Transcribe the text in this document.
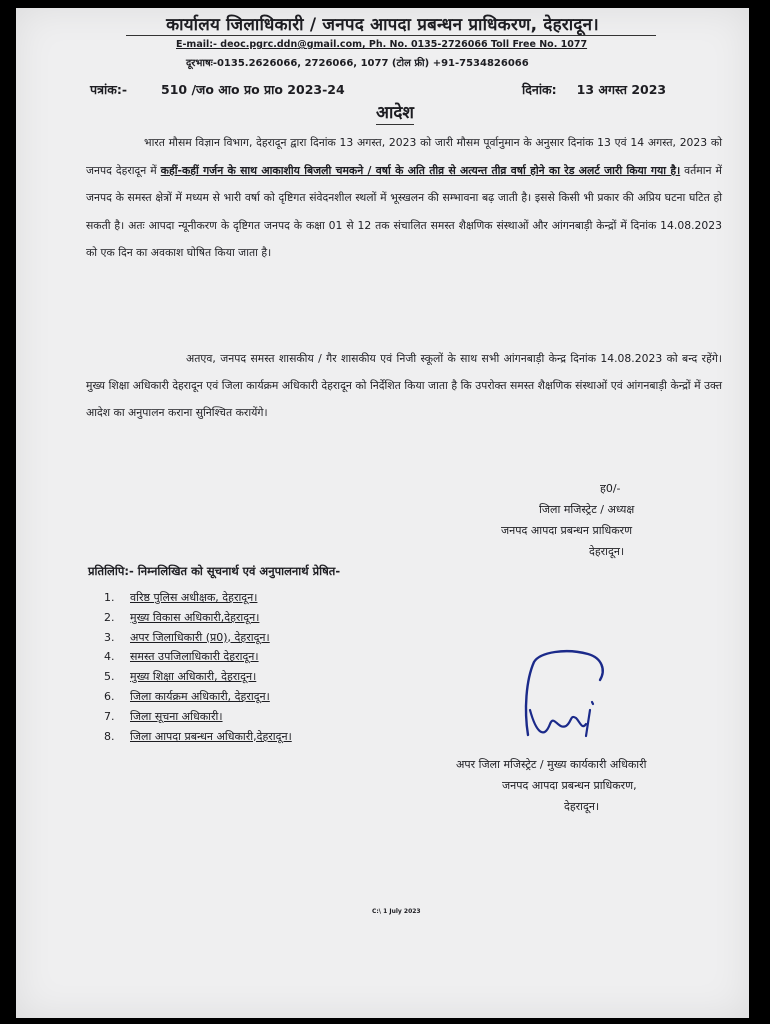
कार्यालय जिलाधिकारी / जनपद आपदा प्रबन्धन प्राधिकरण, देहरादून।
E-mail:- deoc.pgrc.ddn@gmail.com, Ph. No. 0135-2726066 Toll Free No. 1077
दूरभाषः-0135.2626066, 2726066, 1077 (टोल फ्री) +91-7534826066
पत्रांक:-	510 /जo आo प्रo प्राo 2023-24	दिनांक: 13 अगस्त 2023
आदेश
भारत मौसम विज्ञान विभाग, देहरादून द्वारा दिनांक 13 अगस्त, 2023 को जारी मौसम पूर्वानुमान के अनुसार दिनांक 13 एवं 14 अगस्त, 2023 को जनपद देहरादून में कहीं-कहीं गर्जन के साथ आकाशीय बिजली चमकने / वर्षा के अति तीव्र से अत्यन्त तीव्र वर्षा होने का रेड अलर्ट जारी किया गया है। वर्तमान में जनपद के समस्त क्षेत्रों में मध्यम से भारी वर्षा को दृष्टिगत संवेदनशील स्थलों में भूस्खलन की सम्भावना बढ़ जाती है। इससे किसी भी प्रकार की अप्रिय घटना घटित हो सकती है। अतः आपदा न्यूनीकरण के दृष्टिगत जनपद के कक्षा 01 से 12 तक संचालित समस्त शैक्षणिक संस्थाओं और आंगनबाड़ी केन्द्रों में दिनांक 14.08.2023 को एक दिन का अवकाश घोषित किया जाता है।
अतएव, जनपद समस्त शासकीय / गैर शासकीय एवं निजी स्कूलों के साथ सभी आंगनबाड़ी केन्द्र दिनांक 14.08.2023 को बन्द रहेंगे। मुख्य शिक्षा अधिकारी देहरादून एवं जिला कार्यक्रम अधिकारी देहरादून को निर्देशित किया जाता है कि उपरोक्त समस्त शैक्षणिक संस्थाओं एवं आंगनबाड़ी केन्द्रों में उक्त आदेश का अनुपालन कराना सुनिश्चित करायेंगे।
ह0/-
जिला मजिस्ट्रेट / अध्यक्ष
जनपद आपदा प्रबन्धन प्राधिकरण
देहरादून।
प्रतिलिपि:- निम्नलिखित को सूचनार्थ एवं अनुपालनार्थ प्रेषित-
1. वरिष्ठ पुलिस अधीक्षक, देहरादून।
2. मुख्य विकास अधिकारी,देहरादून।
3. अपर जिलाधिकारी (प्र0), देहरादून।
4. समस्त उपजिलाधिकारी देहरादून।
5. मुख्य शिक्षा अधिकारी, देहरादून।
6. जिला कार्यक्रम अधिकारी, देहरादून।
7. जिला सूचना अधिकारी।
8. जिला आपदा प्रबन्धन अधिकारी,देहरादून।
अपर जिला मजिस्ट्रेट / मुख्य कार्यकारी अधिकारी
जनपद आपदा प्रबन्धन प्राधिकरण,
देहरादून।
C:\ 1 July 2023
